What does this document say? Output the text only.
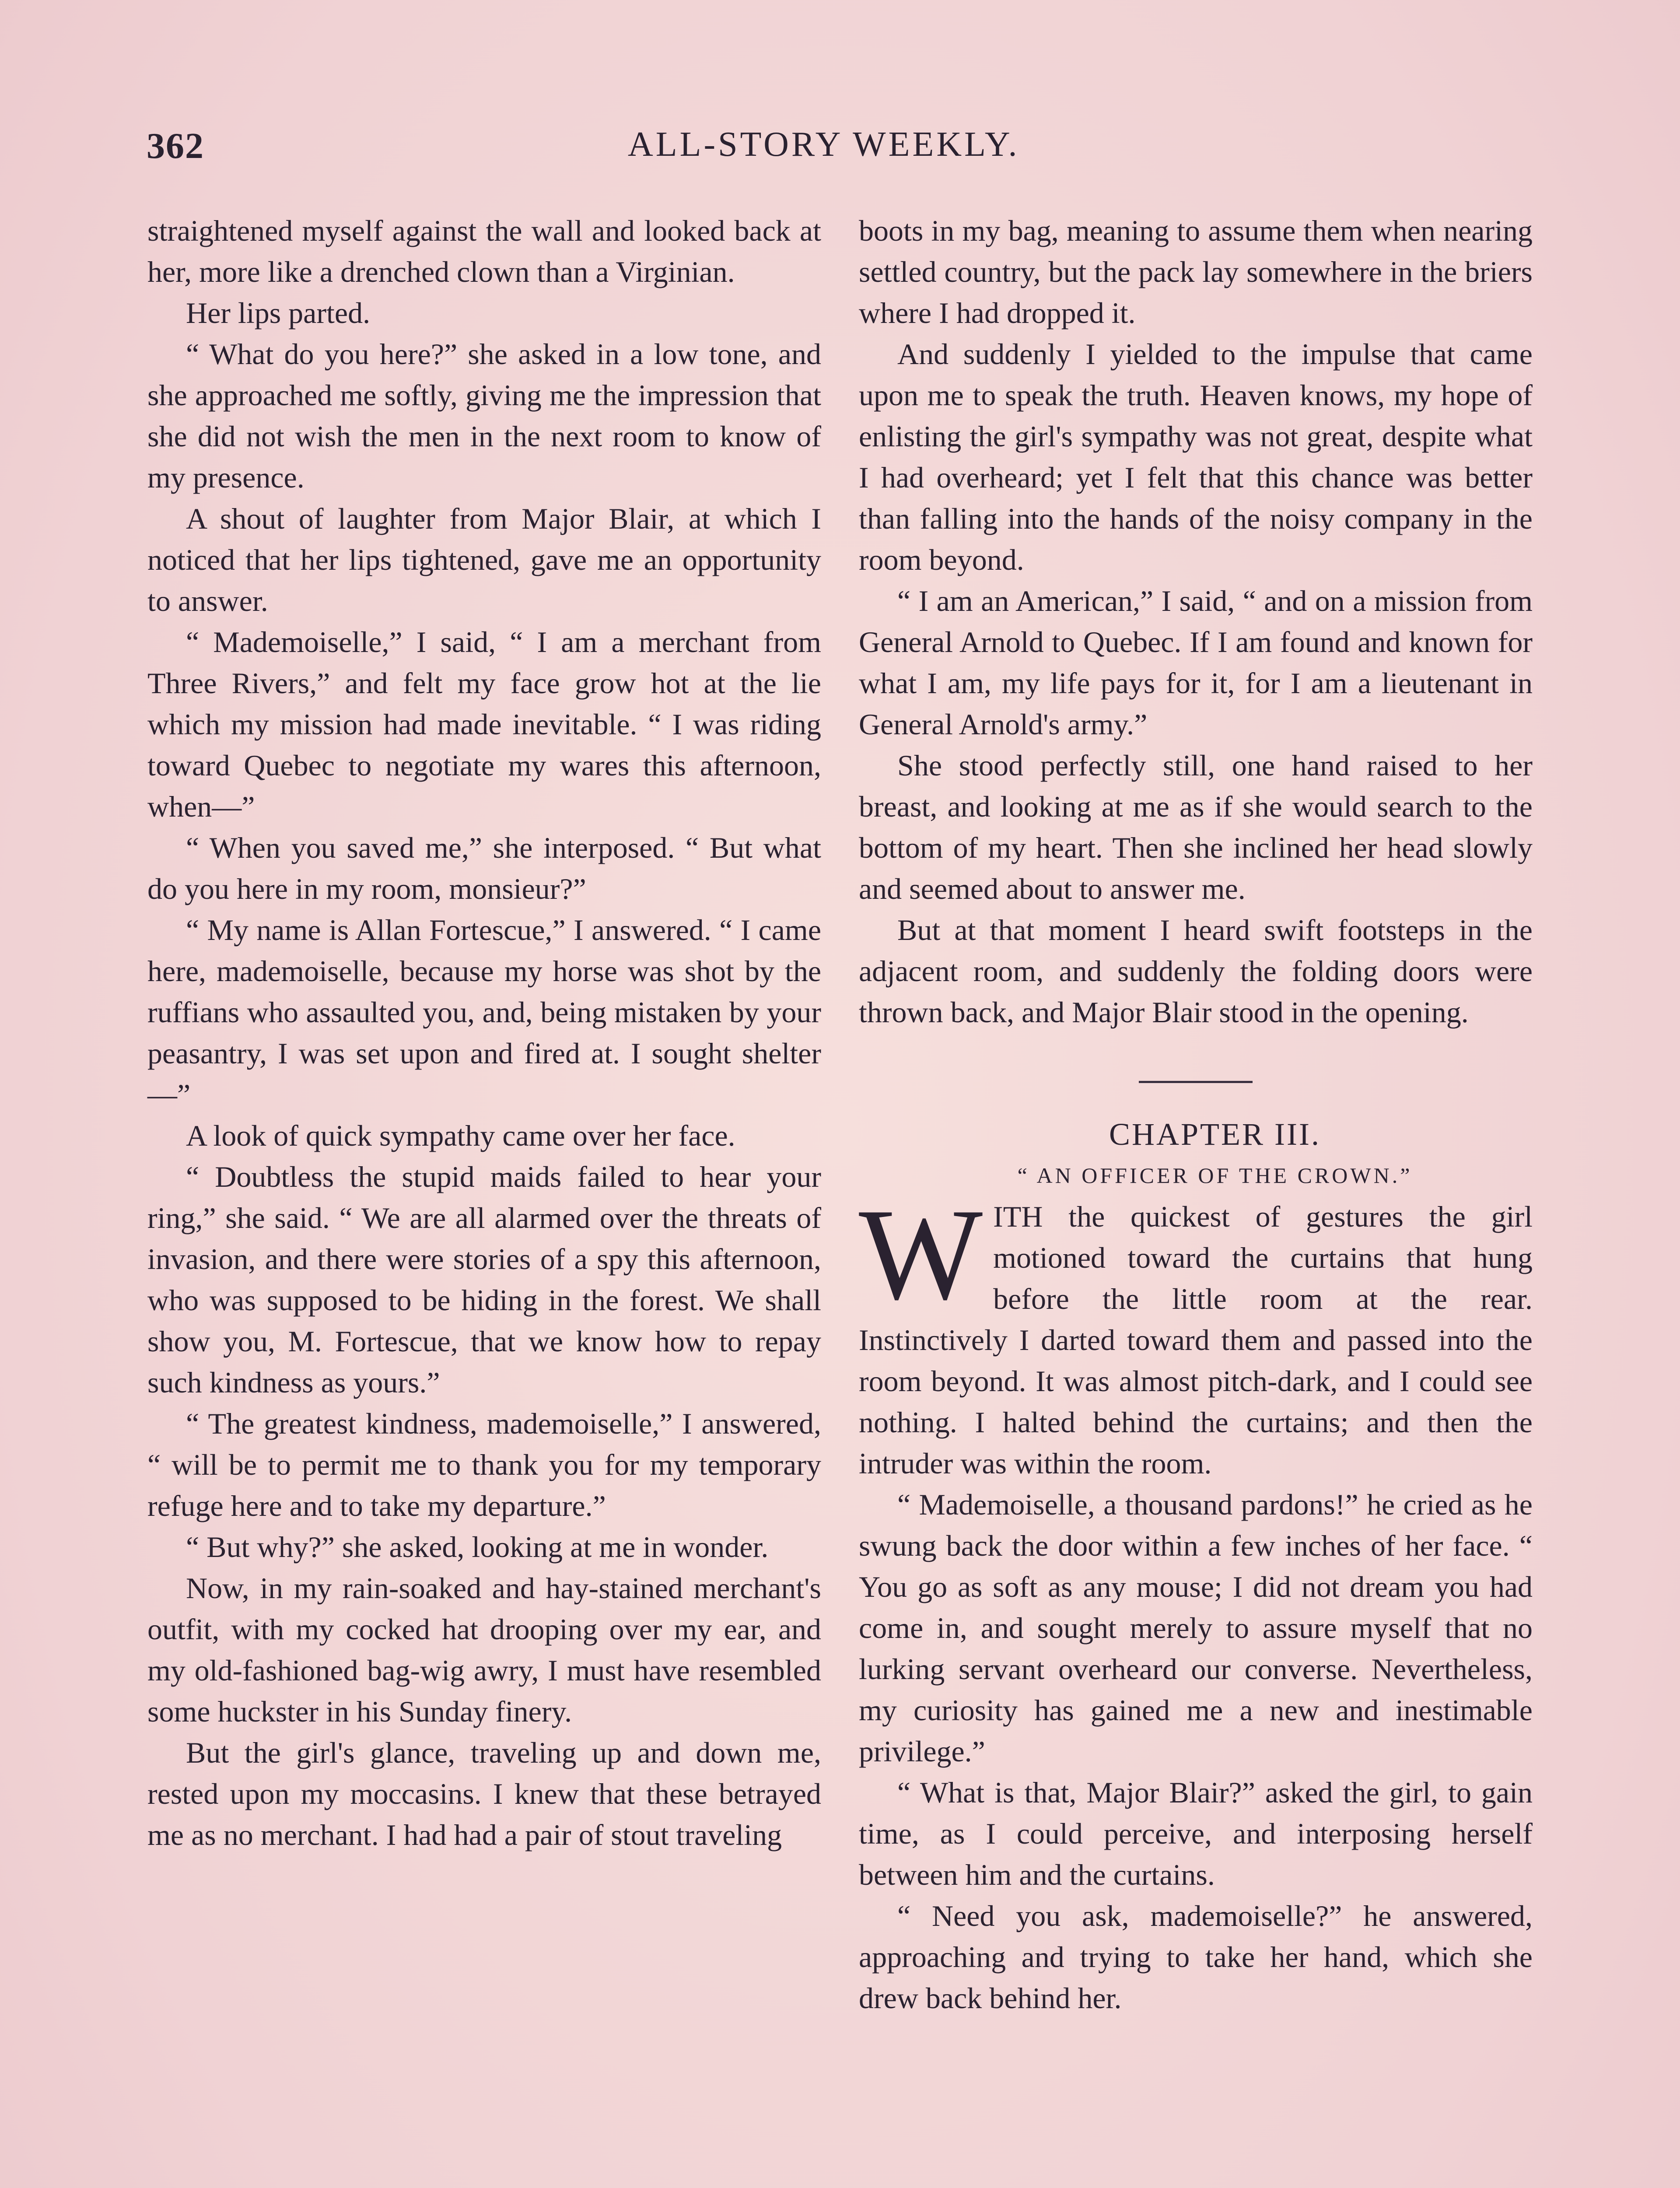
362	ALL-STORY WEEKLY.

straightened myself against the wall and looked back at her, more like a drenched clown than a Virginian.

Her lips parted.

“ What do you here?” she asked in a low tone, and she approached me softly, giving me the impression that she did not wish the men in the next room to know of my presence.

A shout of laughter from Major Blair, at which I noticed that her lips tightened, gave me an opportunity to answer.

“ Mademoiselle,” I said, “ I am a merchant from Three Rivers,” and felt my face grow hot at the lie which my mission had made inevitable. “ I was riding toward Quebec to negotiate my wares this afternoon, when—”

“ When you saved me,” she interposed. “ But what do you here in my room, monsieur?”

“ My name is Allan Fortescue,” I answered. “ I came here, mademoiselle, because my horse was shot by the ruffians who assaulted you, and, being mistaken by your peasantry, I was set upon and fired at. I sought shelter—”

A look of quick sympathy came over her face.

“ Doubtless the stupid maids failed to hear your ring,” she said. “ We are all alarmed over the threats of invasion, and there were stories of a spy this afternoon, who was supposed to be hiding in the forest. We shall show you, M. Fortescue, that we know how to repay such kindness as yours.”

“ The greatest kindness, mademoiselle,” I answered, “ will be to permit me to thank you for my temporary refuge here and to take my departure.”

“ But why?” she asked, looking at me in wonder.

Now, in my rain-soaked and hay-stained merchant's outfit, with my cocked hat drooping over my ear, and my old-fashioned bag-wig awry, I must have resembled some huckster in his Sunday finery.

But the girl's glance, traveling up and down me, rested upon my moccasins. I knew that these betrayed me as no merchant. I had had a pair of stout traveling

boots in my bag, meaning to assume them when nearing settled country, but the pack lay somewhere in the briers where I had dropped it.

And suddenly I yielded to the impulse that came upon me to speak the truth. Heaven knows, my hope of enlisting the girl's sympathy was not great, despite what I had overheard; yet I felt that this chance was better than falling into the hands of the noisy company in the room beyond.

“ I am an American,” I said, “ and on a mission from General Arnold to Quebec. If I am found and known for what I am, my life pays for it, for I am a lieutenant in General Arnold's army.”

She stood perfectly still, one hand raised to her breast, and looking at me as if she would search to the bottom of my heart. Then she inclined her head slowly and seemed about to answer me.

But at that moment I heard swift footsteps in the adjacent room, and suddenly the folding doors were thrown back, and Major Blair stood in the opening.

CHAPTER III.

“ AN OFFICER OF THE CROWN.”

WITH the quickest of gestures the girl motioned toward the curtains that hung before the little room at the rear. Instinctively I darted toward them and passed into the room beyond. It was almost pitch-dark, and I could see nothing. I halted behind the curtains; and then the intruder was within the room.

“ Mademoiselle, a thousand pardons!” he cried as he swung back the door within a few inches of her face. “ You go as soft as any mouse; I did not dream you had come in, and sought merely to assure myself that no lurking servant overheard our converse. Nevertheless, my curiosity has gained me a new and inestimable privilege.”

“ What is that, Major Blair?” asked the girl, to gain time, as I could perceive, and interposing herself between him and the curtains.

“ Need you ask, mademoiselle?” he answered, approaching and trying to take her hand, which she drew back behind her.
